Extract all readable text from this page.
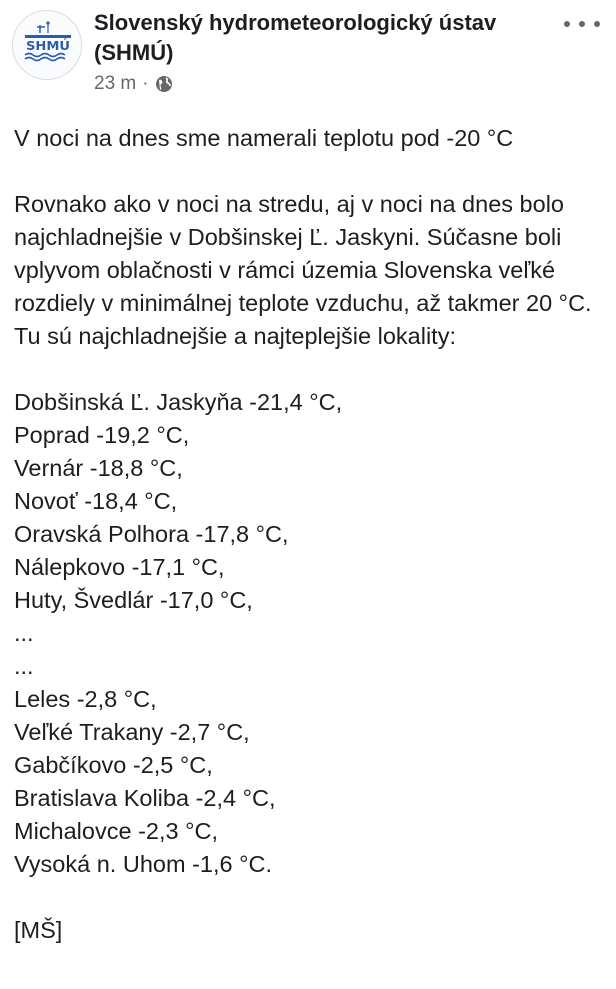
SHMÚ
Slovenský hydrometeorologický ústav (SHMÚ)
23 m ·

V noci na dnes sme namerali teplotu pod -20 °C

Rovnako ako v noci na stredu, aj v noci na dnes bolo najchladnejšie v Dobšinskej Ľ. Jaskyni. Súčasne boli vplyvom oblačnosti v rámci územia Slovenska veľké rozdiely v minimálnej teplote vzduchu, až takmer 20 °C. Tu sú najchladnejšie a najteplejšie lokality:

Dobšinská Ľ. Jaskyňa -21,4 °C,
Poprad -19,2 °C,
Vernár -18,8 °C,
Novoť -18,4 °C,
Oravská Polhora -17,8 °C,
Nálepkovo -17,1 °C,
Huty, Švedlár -17,0 °C,
...
...
Leles -2,8 °C,
Veľké Trakany -2,7 °C,
Gabčíkovo -2,5 °C,
Bratislava Koliba -2,4 °C,
Michalovce -2,3 °C,
Vysoká n. Uhom -1,6 °C.

[MŠ]
